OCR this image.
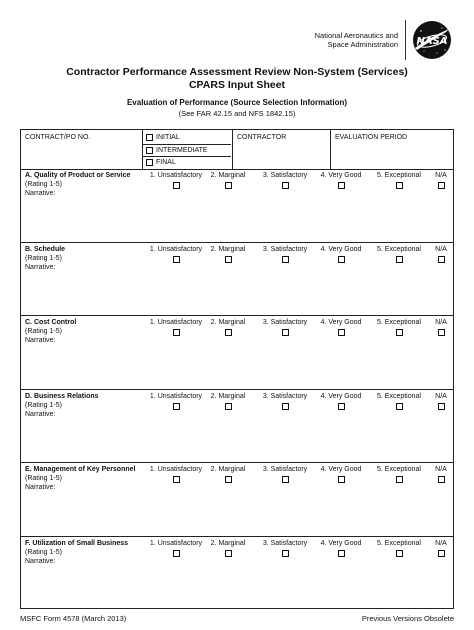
National Aeronautics and
Space Administration NASA
Contractor Performance Assessment Review Non-System (Services)
CPARS Input Sheet
Evaluation of Performance (Source Selection Information)
(See FAR 42.15 and NFS 1842.15)
CONTRACT/PO NO.	INITIAL
INTERMEDIATE
FINAL
CONTRACTOR	EVALUATION PERIOD
A. Quality of Product or Service
(Rating 1-5)
Narrative:
1. Unsatisfactory	2. Marginal	3. Satisfactory	4. Very Good	5. Exceptional	N/A
B. Schedule
(Rating 1-5)
Narrative:
1. Unsatisfactory	2. Marginal	3. Satisfactory	4. Very Good	5. Exceptional	N/A
C. Cost Control
(Rating 1-5)
Narrative:
1. Unsatisfactory	2. Marginal	3. Satisfactory	4. Very Good	5. Exceptional	N/A
D. Business Relations
(Rating 1-5)
Narrative:
1. Unsatisfactory	2. Marginal	3. Satisfactory	4. Very Good	5. Exceptional	N/A
E. Management of Key Personnel
(Rating 1-5)
Narrative:
1. Unsatisfactory	2. Marginal	3. Satisfactory	4. Very Good	5. Exceptional	N/A
F. Utilization of Small Business
(Rating 1-5)
Narrative:
1. Unsatisfactory	2. Marginal	3. Satisfactory	4. Very Good	5. Exceptional	N/A
MSFC Form 4578 (March 2013)	Previous Versions Obsolete
